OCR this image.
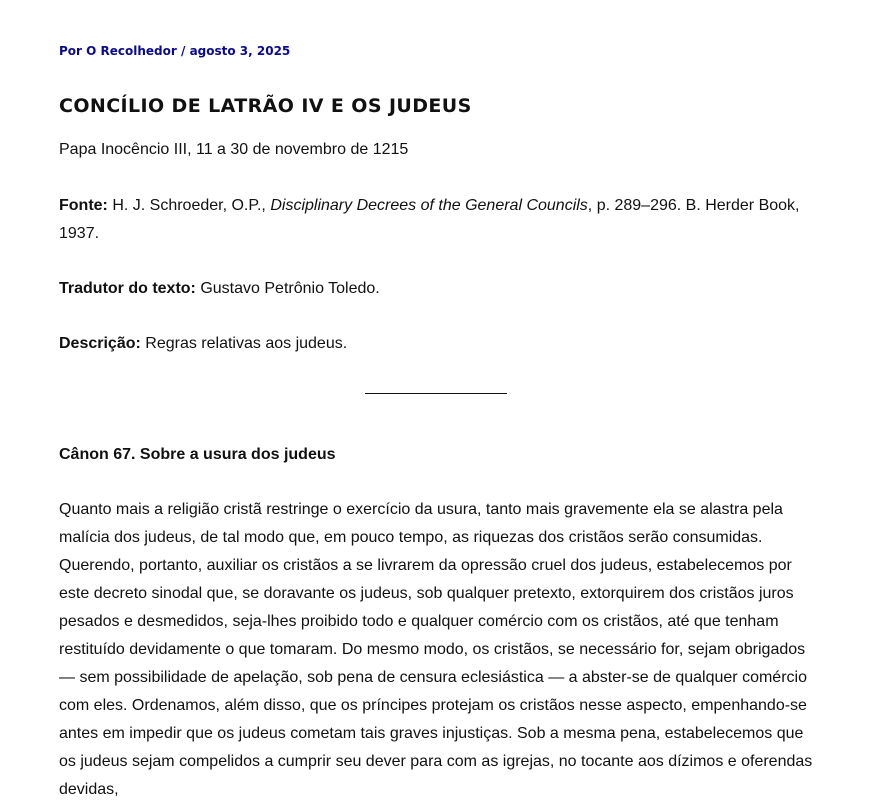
Por O Recolhedor / agosto 3, 2025
CONCÍLIO DE LATRÃO IV E OS JUDEUS

Papa Inocêncio III, 11 a 30 de novembro de 1215

Fonte: H. J. Schroeder, O.P., Disciplinary Decrees of the General Councils, p. 289–296. B. Herder Book, 1937.

Tradutor do texto: Gustavo Petrônio Toledo.

Descrição: Regras relativas aos judeus.

Cânon 67. Sobre a usura dos judeus

Quanto mais a religião cristã restringe o exercício da usura, tanto mais gravemente ela se alastra pela malícia dos judeus, de tal modo que, em pouco tempo, as riquezas dos cristãos serão consumidas. Querendo, portanto, auxiliar os cristãos a se livrarem da opressão cruel dos judeus, estabelecemos por este decreto sinodal que, se doravante os judeus, sob qualquer pretexto, extorquirem dos cristãos juros pesados e desmedidos, seja-lhes proibido todo e qualquer comércio com os cristãos, até que tenham restituído devidamente o que tomaram. Do mesmo modo, os cristãos, se necessário for, sejam obrigados — sem possibilidade de apelação, sob pena de censura eclesiástica — a abster-se de qualquer comércio com eles. Ordenamos, além disso, que os príncipes protejam os cristãos nesse aspecto, empenhando-se antes em impedir que os judeus cometam tais graves injustiças. Sob a mesma pena, estabelecemos que os judeus sejam compelidos a cumprir seu dever para com as igrejas, no tocante aos dízimos e oferendas devidas,
